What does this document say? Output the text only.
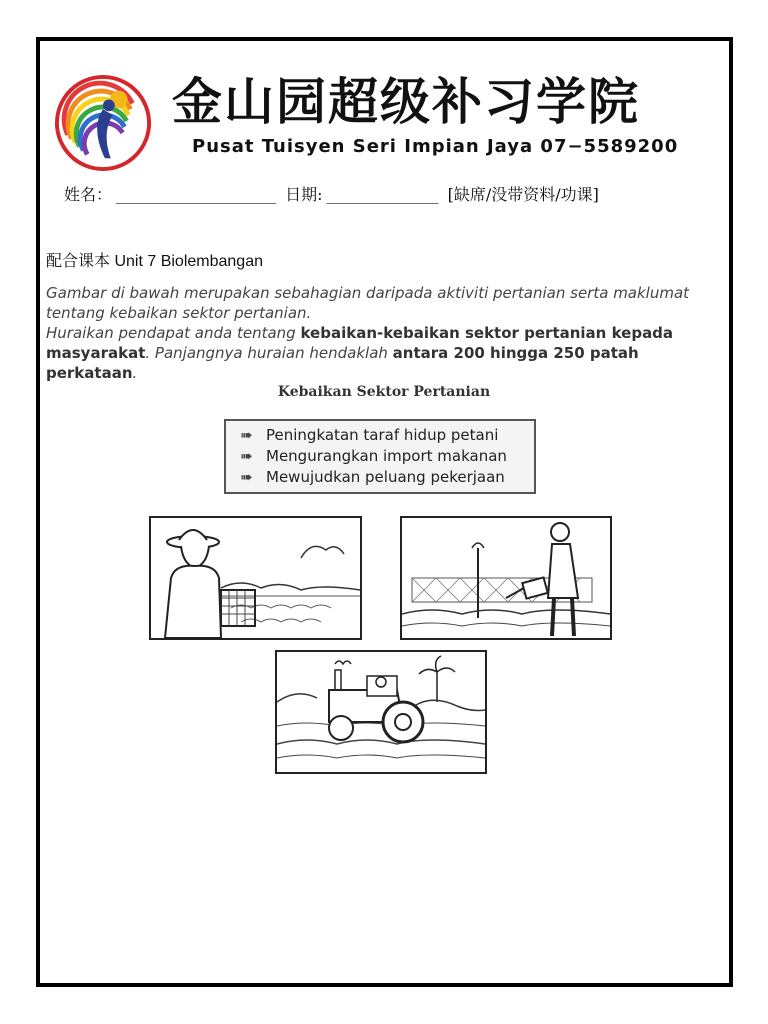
金山园超级补习学院
Pusat Tuisyen Seri Impian Jaya 07−5589200
姓名： ____________________ 日期: ______________ [缺席/没带资料/功课]
配合课本 Unit 7 Biolembangan

Gambar di bawah merupakan sebahagian daripada aktiviti pertanian serta maklumat tentang kebaikan sektor pertanian.

Huraikan pendapat anda tentang kebaikan-kebaikan sektor pertanian kepada masyarakat. Panjangnya huraian hendaklah antara 200 hingga 250 patah perkataan.

Kebaikan Sektor Pertanian
➠ Peningkatan taraf hidup petani
➠ Mengurangkan import makanan
➠ Mewujudkan peluang pekerjaan
